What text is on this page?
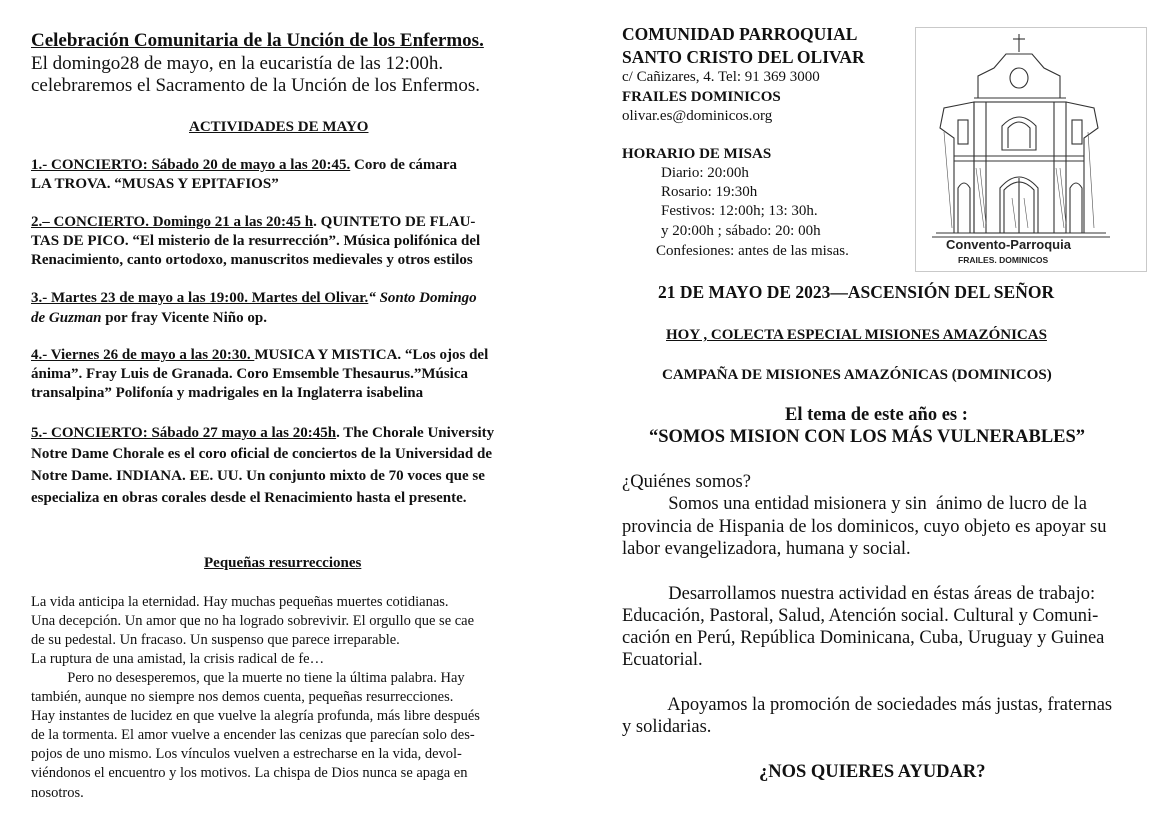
Celebración Comunitaria de la Unción de los Enfermos.
El domingo28 de mayo, en la eucaristía de las 12:00h.
celebraremos el Sacramento de la Unción de los Enfermos.
ACTIVIDADES DE MAYO
1.- CONCIERTO: Sábado 20 de mayo a las 20:45. Coro de cámara
LA TROVA. “MUSAS Y EPITAFIOS”
2.– CONCIERTO. Domingo 21 a las 20:45 h. QUINTETO DE FLAU-
TAS DE PICO. “El misterio de la resurrección”. Música polifónica del
Renacimiento, canto ortodoxo, manuscritos medievales y otros estilos
3.- Martes 23 de mayo a las 19:00. Martes del Olivar.“ Sonto Domingo
de Guzman por fray Vicente Niño op.
4.- Viernes 26 de mayo a las 20:30. MUSICA Y MISTICA. “Los ojos del
ánima”. Fray Luis de Granada. Coro Emsemble Thesaurus.”Música
transalpina” Polifonía y madrigales en la Inglaterra isabelina
5.- CONCIERTO: Sábado 27 mayo a las 20:45h. The Chorale University
Notre Dame Chorale es el coro oficial de conciertos de la Universidad de
Notre Dame. INDIANA. EE. UU. Un conjunto mixto de 70 voces que se
especializa en obras corales desde el Renacimiento hasta el presente.
Pequeñas resurrecciones
La vida anticipa la eternidad. Hay muchas pequeñas muertes cotidianas.
Una decepción. Un amor que no ha logrado sobrevivir. El orgullo que se cae
de su pedestal. Un fracaso. Un suspenso que parece irreparable.
La ruptura de una amistad, la crisis radical de fe…
Pero no desesperemos, que la muerte no tiene la última palabra. Hay
también, aunque no siempre nos demos cuenta, pequeñas resurrecciones.
Hay instantes de lucidez en que vuelve la alegría profunda, más libre después
de la tormenta. El amor vuelve a encender las cenizas que parecían solo des-
pojos de uno mismo. Los vínculos vuelven a estrecharse en la vida, devol-
viéndonos el encuentro y los motivos. La chispa de Dios nunca se apaga en
nosotros.
COMUNIDAD PARROQUIAL
SANTO CRISTO DEL OLIVAR
c/ Cañizares, 4. Tel: 91 369 3000
FRAILES DOMINICOS
olivar.es@dominicos.org
HORARIO DE MISAS
Diario: 20:00h
Rosario: 19:30h
Festivos: 12:00h; 13: 30h.
y 20:00h ; sábado: 20: 00h
Confesiones: antes de las misas.	Convento-Parroquia
FRAILES. DOMINICOS
21 DE MAYO DE 2023—ASCENSIÓN DEL SEÑOR
HOY , COLECTA ESPECIAL MISIONES AMAZÓNICAS
CAMPAÑA DE MISIONES AMAZÓNICAS (DOMINICOS)
El tema de este año es :
“SOMOS MISION CON LOS MÁS VULNERABLES”
¿Quiénes somos?
Somos una entidad misionera y sin  ánimo de lucro de la
provincia de Hispania de los dominicos, cuyo objeto es apoyar su
labor evangelizadora, humana y social.
Desarrollamos nuestra actividad en éstas áreas de trabajo:
Educación, Pastoral, Salud, Atención social. Cultural y Comuni-
cación en Perú, República Dominicana, Cuba, Uruguay y Guinea
Ecuatorial.
Apoyamos la promoción de sociedades más justas, fraternas
y solidarias.
¿NOS QUIERES AYUDAR?
